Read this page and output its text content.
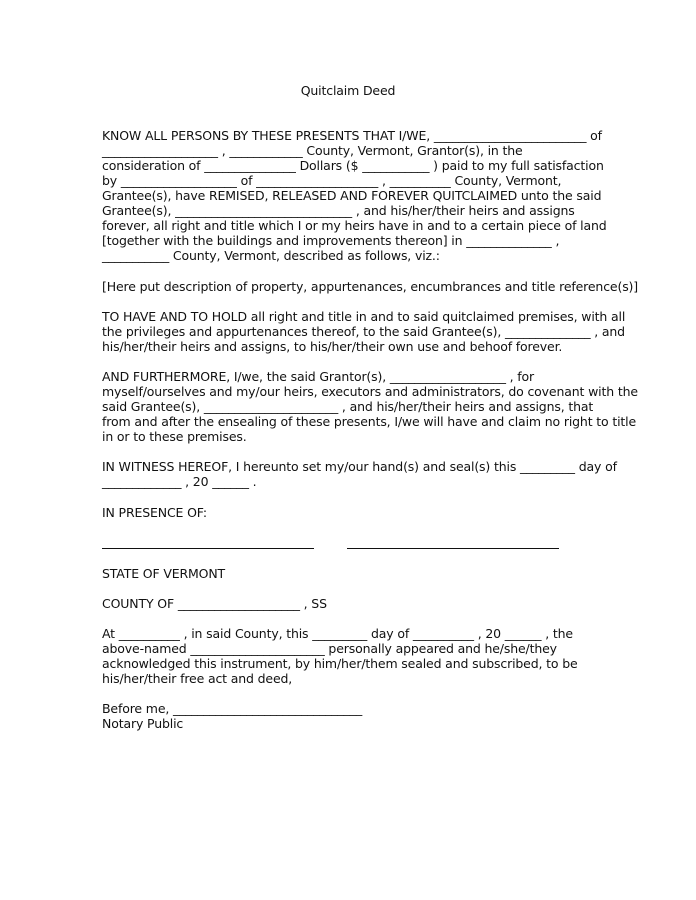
Quitclaim Deed
KNOW ALL PERSONS BY THESE PRESENTS THAT I/WE, _________________________ of
___________________ , ____________ County, Vermont, Grantor(s), in the
consideration of _______________ Dollars ($ ___________ ) paid to my full satisfaction
by ___________________ of ____________________ , __________ County, Vermont,
Grantee(s), have REMISED, RELEASED AND FOREVER QUITCLAIMED unto the said
Grantee(s), _____________________________ , and his/her/their heirs and assigns
forever, all right and title which I or my heirs have in and to a certain piece of land
[together with the buildings and improvements thereon] in ______________ ,
___________ County, Vermont, described as follows, viz.:
[Here put description of property, appurtenances, encumbrances and title reference(s)]
TO HAVE AND TO HOLD all right and title in and to said quitclaimed premises, with all
the privileges and appurtenances thereof, to the said Grantee(s), ______________ , and
his/her/their heirs and assigns, to his/her/their own use and behoof forever.
AND FURTHERMORE, I/we, the said Grantor(s), ___________________ , for
myself/ourselves and my/our heirs, executors and administrators, do covenant with the
said Grantee(s), ______________________ , and his/her/their heirs and assigns, that
from and after the ensealing of these presents, I/we will have and claim no right to title
in or to these premises.
IN WITNESS HEREOF, I hereunto set my/our hand(s) and seal(s) this _________ day of
_____________ , 20 ______ .
IN PRESENCE OF:
STATE OF VERMONT
COUNTY OF ____________________ , SS
At __________ , in said County, this _________ day of __________ , 20 ______ , the
above-named ______________________ personally appeared and he/she/they
acknowledged this instrument, by him/her/them sealed and subscribed, to be
his/her/their free act and deed,
Before me, _______________________________
Notary Public
